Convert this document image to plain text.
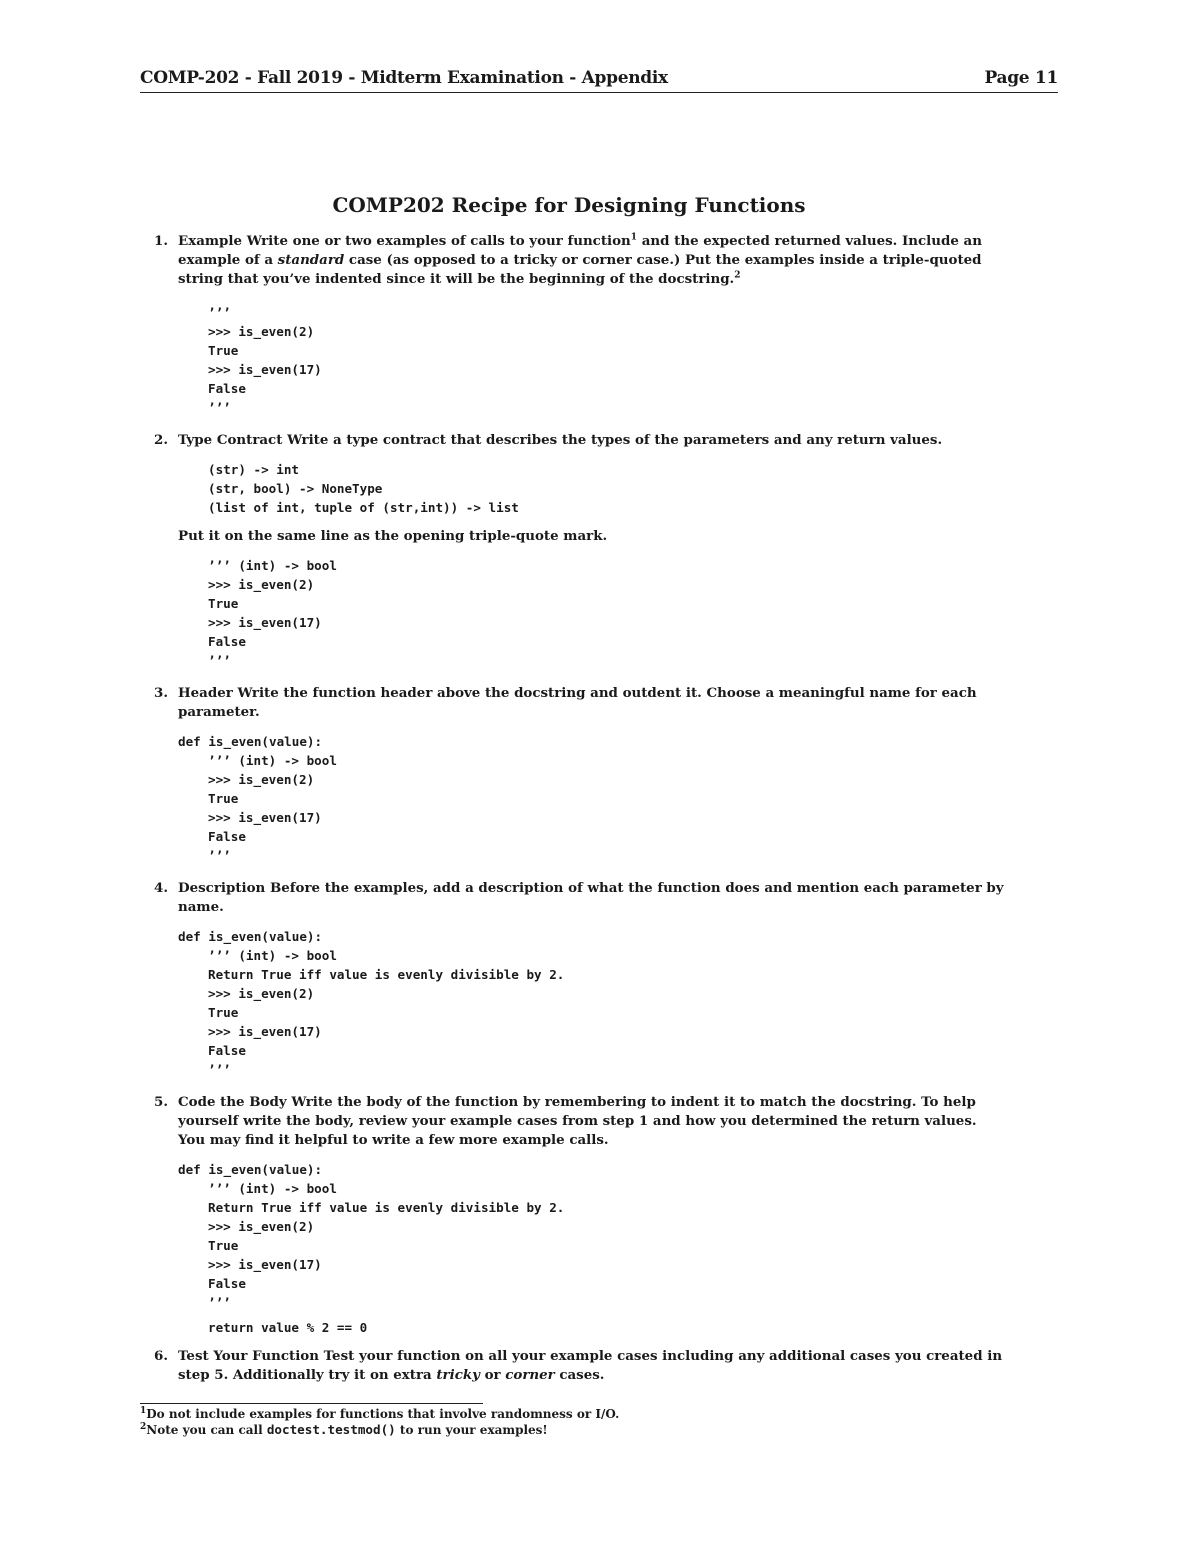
COMP-202 - Fall 2019 - Midterm Examination - Appendix	Page 11
COMP202 Recipe for Designing Functions
1. Example Write one or two examples of calls to your function$^1$ and the expected returned values. Include an example of a standard case (as opposed to a tricky or corner case.) Put the examples inside a triple-quoted string that you’ve indented since it will be the beginning of the docstring.$^2$

’’’
>>> is_even(2)
True
>>> is_even(17)
False
’’’
2. Type Contract Write a type contract that describes the types of the parameters and any return values.

(str) -> int
(str, bool) -> NoneType
(list of int, tuple of (str,int)) -> list

Put it on the same line as the opening triple-quote mark.

’’’ (int) -> bool
>>> is_even(2)
True
>>> is_even(17)
False
’’’
3. Header Write the function header above the docstring and outdent it. Choose a meaningful name for each parameter.

def is_even(value):
’’’ (int) -> bool
>>> is_even(2)
True
>>> is_even(17)
False
’’’
4. Description Before the examples, add a description of what the function does and mention each parameter by name.

def is_even(value):
’’’ (int) -> bool
Return True iff value is evenly divisible by 2.
>>> is_even(2)
True
>>> is_even(17)
False
’’’
5. Code the Body Write the body of the function by remembering to indent it to match the docstring. To help yourself write the body, review your example cases from step 1 and how you determined the return values. You may find it helpful to write a few more example calls.

def is_even(value):
’’’ (int) -> bool
Return True iff value is evenly divisible by 2.
>>> is_even(2)
True
>>> is_even(17)
False
’’’
return value % 2 == 0
6. Test Your Function Test your function on all your example cases including any additional cases you created in step 5. Additionally try it on extra tricky or corner cases.

$^1$Do not include examples for functions that involve randomness or I/O.
$^2$Note you can call doctest.testmod() to run your examples!
